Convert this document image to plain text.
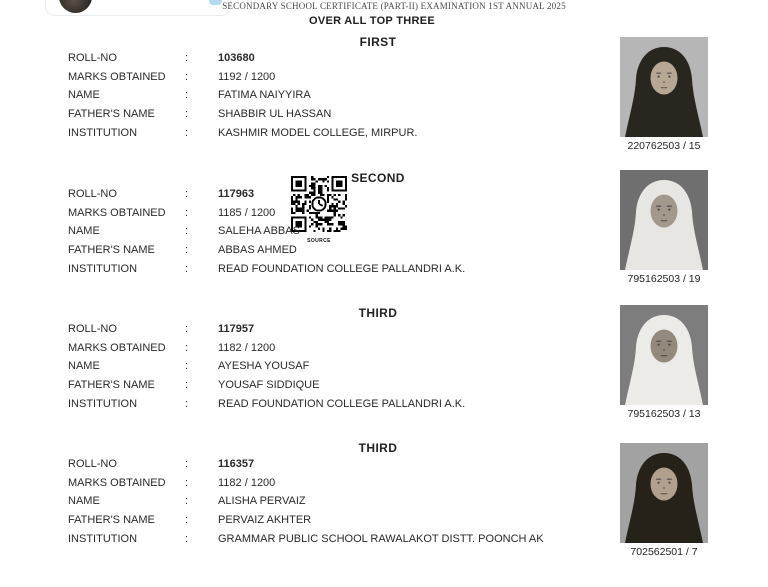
SECONDARY SCHOOL CERTIFICATE (PART-II) EXAMINATION 1ST ANNUAL 2025
OVER ALL TOP THREE
SOURCE
FIRST
ROLL-NO	:	103680
MARKS OBTAINED	:	1192 / 1200
NAME	:	FATIMA NAIYYIRA
FATHER'S NAME	:	SHABBIR UL HASSAN
INSTITUTION	:	KASHMIR MODEL COLLEGE, MIRPUR.
220762503 / 15
SECOND
ROLL-NO	:	117963
MARKS OBTAINED	:	1185 / 1200
NAME	:	SALEHA ABBAS
FATHER'S NAME	:	ABBAS AHMED
INSTITUTION	:	READ FOUNDATION COLLEGE PALLANDRI A.K.
795162503 / 19
THIRD
ROLL-NO	:	117957
MARKS OBTAINED	:	1182 / 1200
NAME	:	AYESHA YOUSAF
FATHER'S NAME	:	YOUSAF SIDDIQUE
INSTITUTION	:	READ FOUNDATION COLLEGE PALLANDRI A.K.
795162503 / 13
THIRD
ROLL-NO	:	116357
MARKS OBTAINED	:	1182 / 1200
NAME	:	ALISHA PERVAIZ
FATHER'S NAME	:	PERVAIZ AKHTER
INSTITUTION	:	GRAMMAR PUBLIC SCHOOL RAWALAKOT DISTT. POONCH AK
702562501 / 7
